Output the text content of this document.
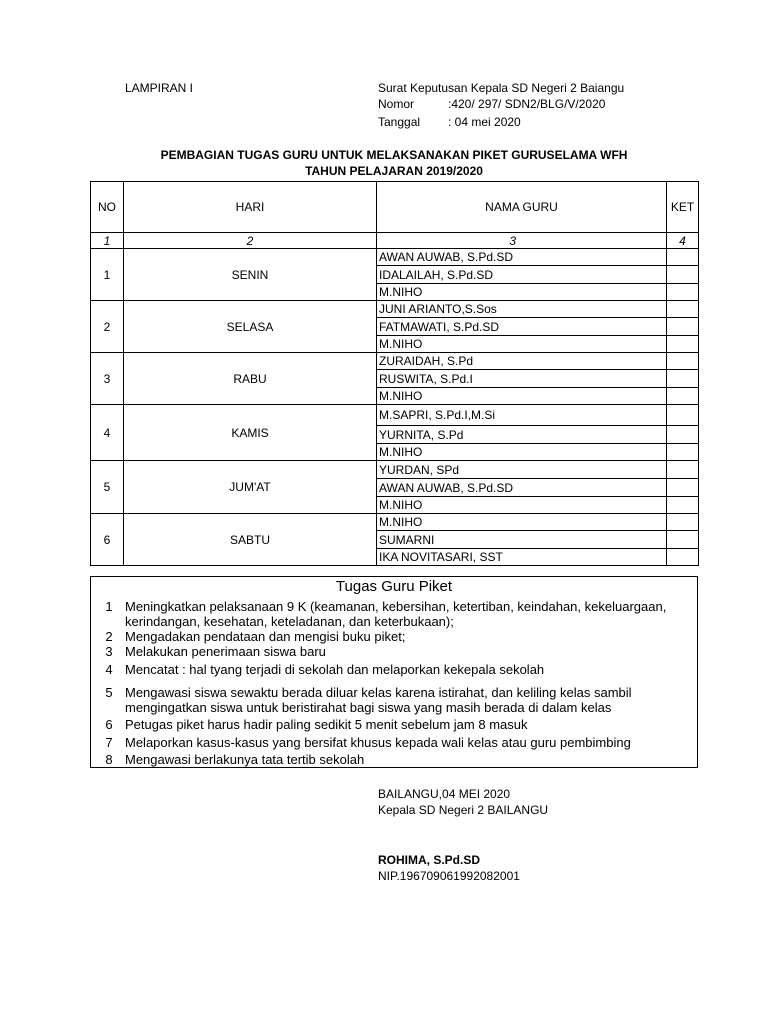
LAMPIRAN I	Surat Keputusan Kepala SD Negeri 2 Baiangu
Nomor	:420/ 297/ SDN2/BLG/V/2020
Tanggal : 04 mei 2020
PEMBAGIAN TUGAS GURU UNTUK MELAKSANAKAN PIKET GURUSELAMA WFH
TAHUN PELAJARAN 2019/2020
NO	HARI	NAMA GURU	KET
1	2	3	4
1	SENIN	AWAN AUWAB, S.Pd.SD	
		IDALAILAH, S.Pd.SD	
		M.NIHO	
2	SELASA	JUNI ARIANTO,S.Sos	
		FATMAWATI, S.Pd.SD	
		M.NIHO	
3	RABU	ZURAIDAH, S.Pd	
		RUSWITA, S.Pd.I	
		M.NIHO	
4	KAMIS	M.SAPRI, S.Pd.I,M.Si	
		YURNITA, S.Pd	
		M.NIHO	
5	JUM'AT	YURDAN, SPd	
		AWAN AUWAB, S.Pd.SD	
		M.NIHO	
6	SABTU	M.NIHO	
		SUMARNI	
		IKA NOVITASARI, SST	
Tugas Guru Piket
1 Meningkatkan pelaksanaan 9 K (keamanan, kebersihan, ketertiban, keindahan, kekeluargaan, kerindangan, kesehatan, keteladanan, dan keterbukaan);
2 Mengadakan pendataan dan mengisi buku piket;
3 Melakukan penerimaan siswa baru
4 Mencatat : hal tyang terjadi di sekolah dan melaporkan kekepala sekolah
5 Mengawasi siswa sewaktu berada diluar kelas karena istirahat, dan keliling kelas sambil mengingatkan siswa untuk beristirahat bagi siswa yang masih berada di dalam kelas
6 Petugas piket harus hadir paling sedikit 5 menit sebelum jam 8 masuk
7 Melaporkan kasus-kasus yang bersifat khusus kepada wali kelas atau guru pembimbing
8 Mengawasi berlakunya tata tertib sekolah
BAILANGU,04 MEI 2020
Kepala SD Negeri 2 BAILANGU
ROHIMA, S.Pd.SD
NIP.196709061992082001
